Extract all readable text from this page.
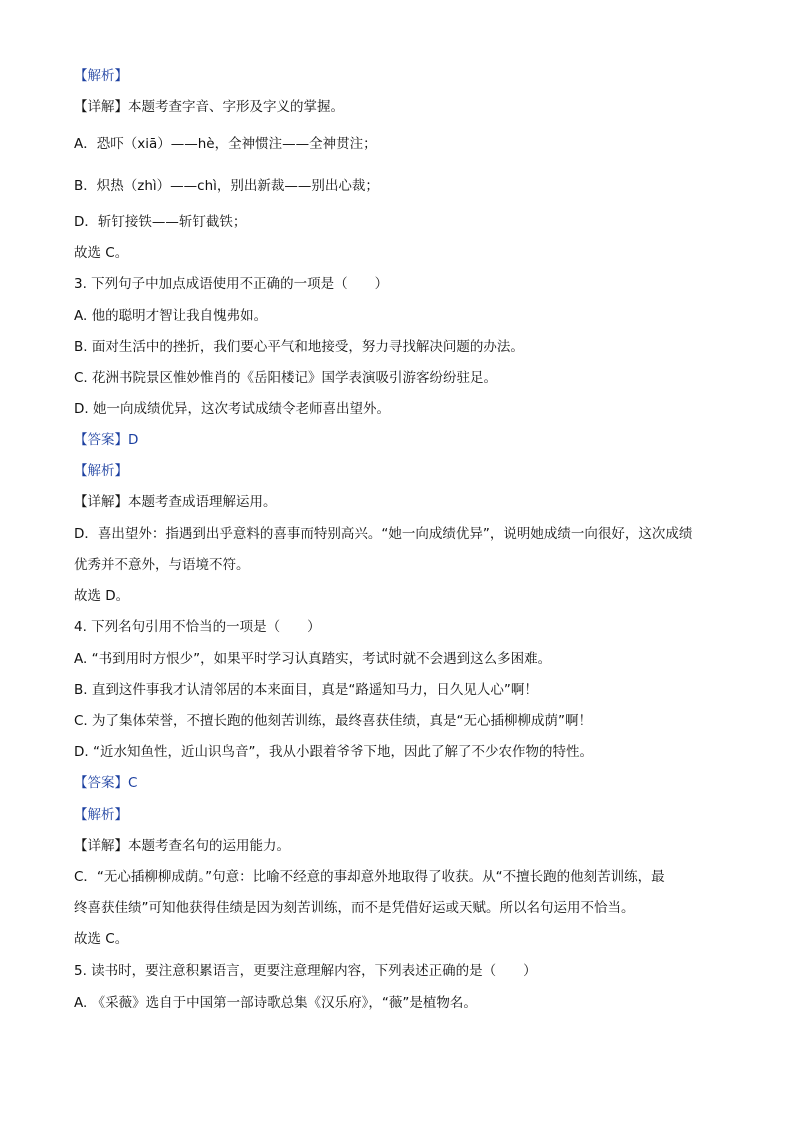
【解析】
【详解】本题考查字音、字形及字义的掌握。
A．恐吓（xiā）——hè，全神惯注——全神贯注；
B．炽热（zhì）——chì，别出新裁——别出心裁；
D．斩钉接铁——斩钉截铁；
故选 C。
3. 下列句子中加点成语使用不正确的一项是（　　）
A. 他的聪明才智让我自愧弗如。
B. 面对生活中的挫折，我们要心平气和地接受，努力寻找解决问题的办法。
C. 花洲书院景区惟妙惟肖的《岳阳楼记》国学表演吸引游客纷纷驻足。
D. 她一向成绩优异，这次考试成绩令老师喜出望外。
【答案】D
【解析】
【详解】本题考查成语理解运用。
D．喜出望外：指遇到出乎意料的喜事而特别高兴。“她一向成绩优异”，说明她成绩一向很好，这次成绩
优秀并不意外，与语境不符。
故选 D。
4. 下列名句引用不恰当的一项是（　　）
A. “书到用时方恨少”，如果平时学习认真踏实，考试时就不会遇到这么多困难。
B. 直到这件事我才认清邻居的本来面目，真是“路遥知马力，日久见人心”啊！
C. 为了集体荣誉，不擅长跑的他刻苦训练，最终喜获佳绩，真是“无心插柳柳成荫”啊！
D. “近水知鱼性，近山识鸟音”，我从小跟着爷爷下地，因此了解了不少农作物的特性。
【答案】C
【解析】
【详解】本题考查名句的运用能力。
C．“无心插柳柳成荫。”句意：比喻不经意的事却意外地取得了收获。从“不擅长跑的他刻苦训练，最
终喜获佳绩”可知他获得佳绩是因为刻苦训练，而不是凭借好运或天赋。所以名句运用不恰当。
故选 C。
5. 读书时，要注意积累语言，更要注意理解内容，下列表述正确的是（　　）
A. 《采薇》选自于中国第一部诗歌总集《汉乐府》，“薇”是植物名。
